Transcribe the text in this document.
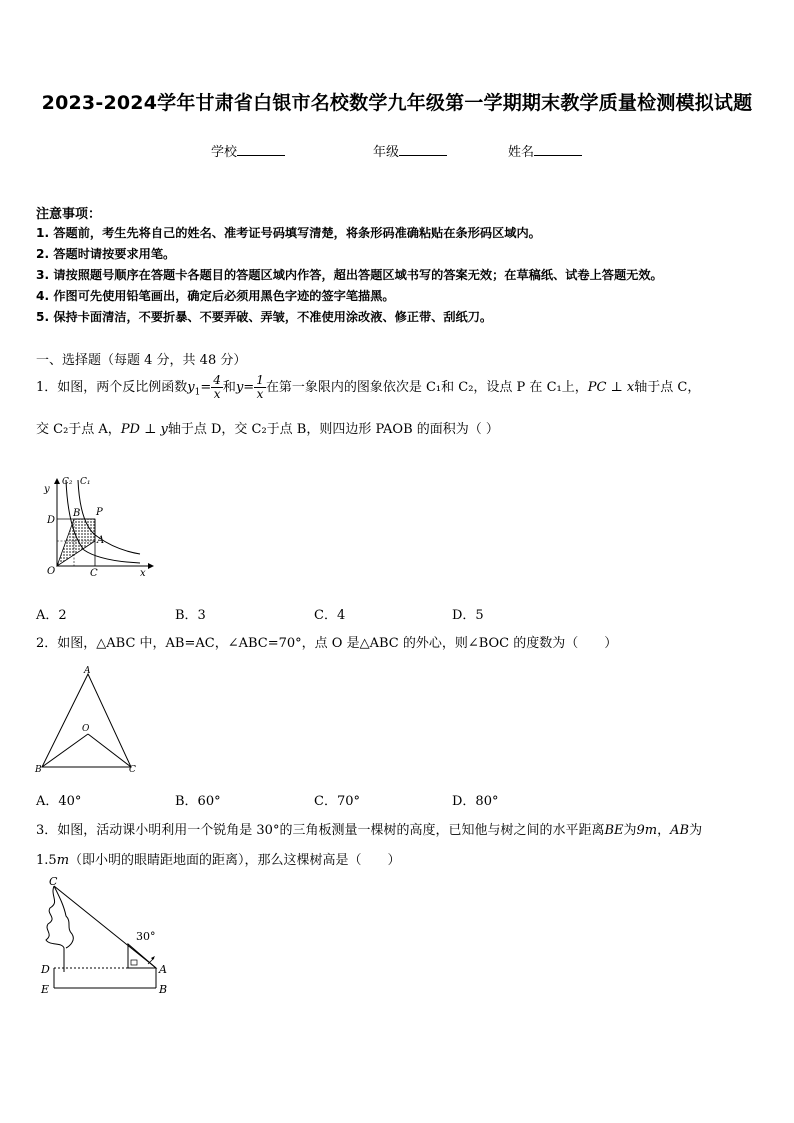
2023-2024学年甘肃省白银市名校数学九年级第一学期期末教学质量检测模拟试题
学校	年级	姓名
注意事项：
1. 答题前，考生先将自己的姓名、准考证号码填写清楚，将条形码准确粘贴在条形码区域内。
2. 答题时请按要求用笔。
3. 请按照题号顺序在答题卡各题目的答题区域内作答，超出答题区域书写的答案无效；在草稿纸、试卷上答题无效。
4. 作图可先使用铅笔画出，确定后必须用黑色字迹的签字笔描黑。
5. 保持卡面清洁，不要折暴、不要弄破、弄皱，不准使用涂改液、修正带、刮纸刀。
一、选择题（每题 4 分，共 48 分）
1．如图，两个反比例函数$y_1= \frac{4}{x}$ 和$y= \frac{1}{x}$ 在第一象限内的图象依次是 C₁和 C₂，设点 P 在 C₁上，PC ⊥ x轴于点 C，
交 C₂于点 A，PD ⊥ y轴于点 D，交 C₂于点 B，则四边形 PAOB 的面积为（ ）
y
C₂ C₁
D
B P
A
O	C	x
A．2	B．3	C．4	D．5
2．如图，△ABC 中，AB=AC，∠ABC=70°，点 O 是△ABC 的外心，则∠BOC 的度数为（　　）
A
O
B	C
A．40°	B．60°	C．70°	D．80°
3．如图，活动课小明利用一个锐角是 30°的三角板测量一棵树的高度，已知他与树之间的水平距离BE为9m，AB为
1.5m（即小明的眼睛距地面的距离），那么这棵树高是（　　）
C
30°
D	A
E	B
